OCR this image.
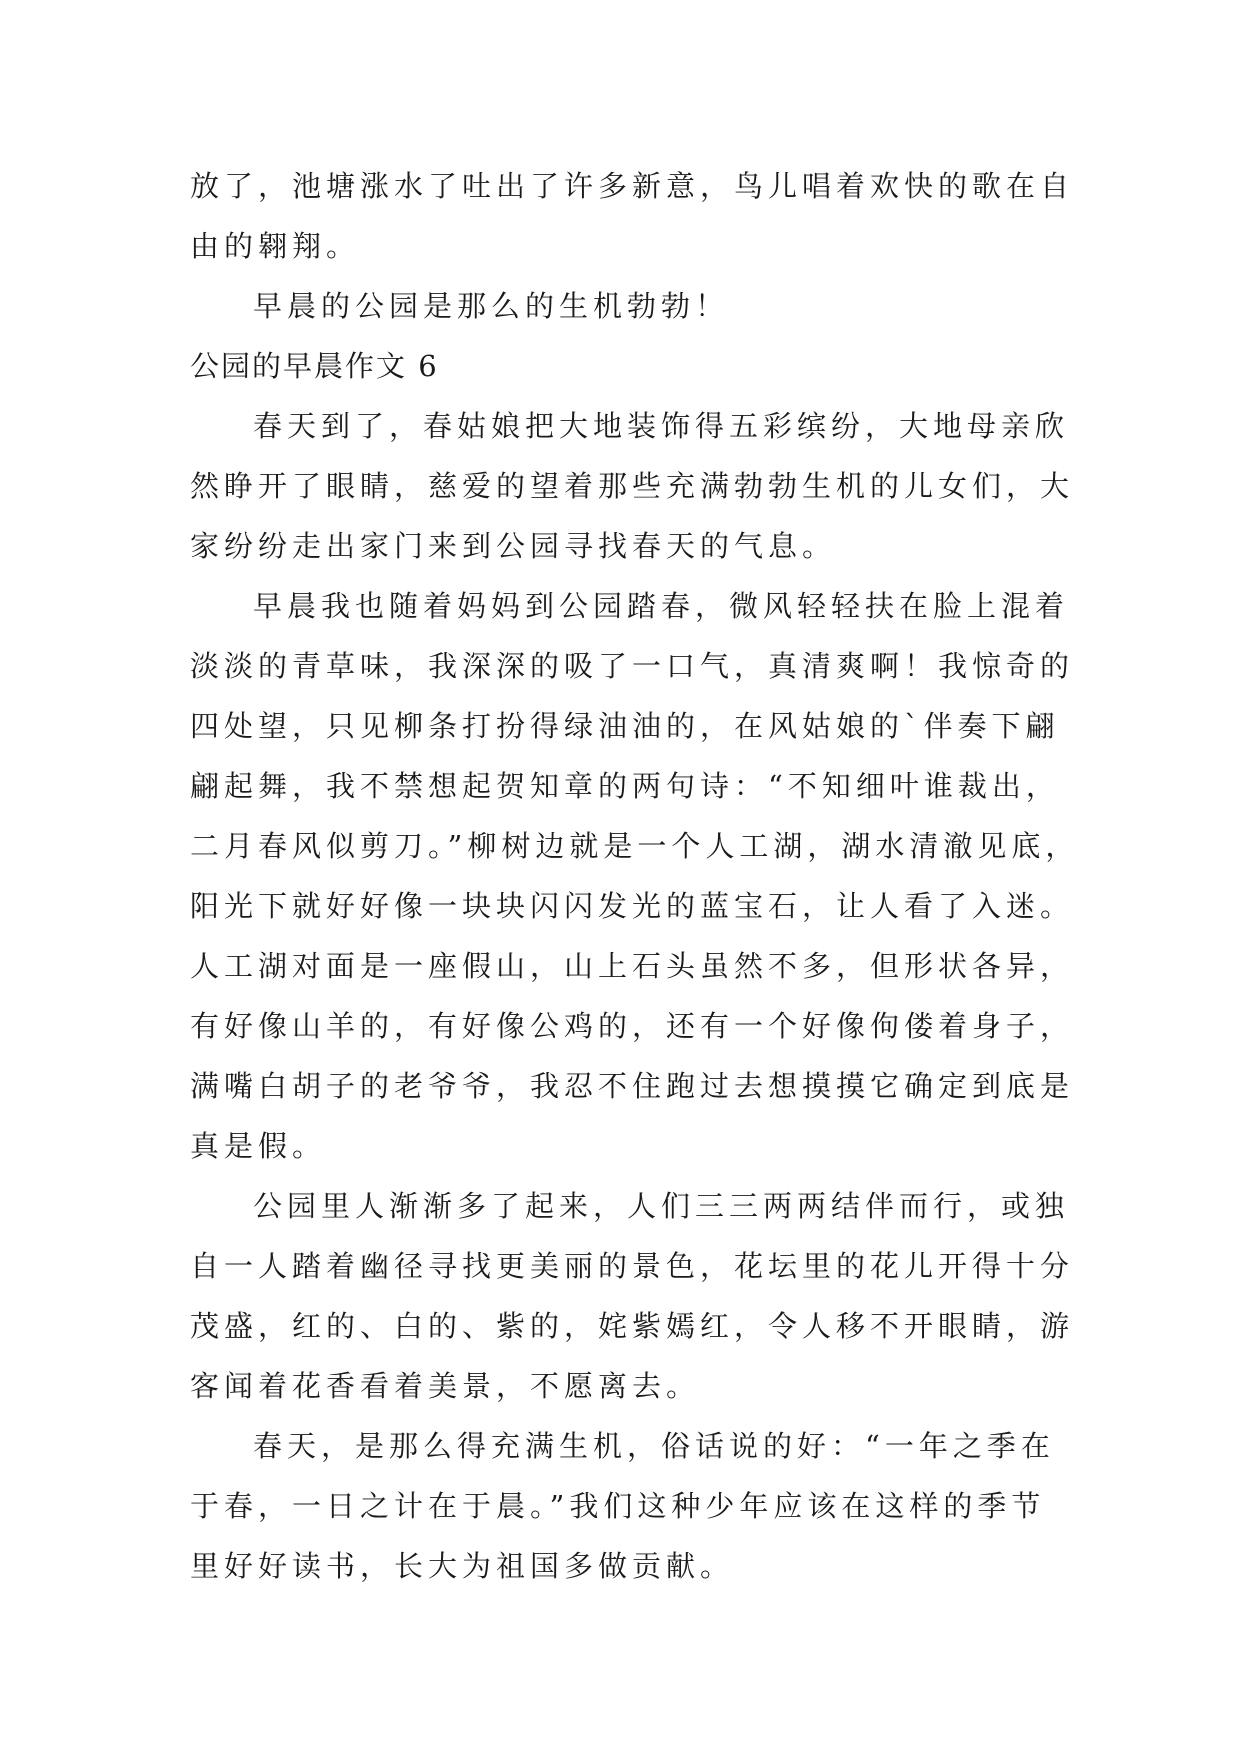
放了，池塘涨水了吐出了许多新意，鸟儿唱着欢快的歌在自
由的翱翔。
早晨的公园是那么的生机勃勃！
公园的早晨作文 6
春天到了，春姑娘把大地装饰得五彩缤纷，大地母亲欣
然睁开了眼睛，慈爱的望着那些充满勃勃生机的儿女们，大
家纷纷走出家门来到公园寻找春天的气息。
早晨我也随着妈妈到公园踏春，微风轻轻扶在脸上混着
淡淡的青草味，我深深的吸了一口气，真清爽啊！我惊奇的
四处望，只见柳条打扮得绿油油的，在风姑娘的`伴奏下翩
翩起舞，我不禁想起贺知章的两句诗：“不知细叶谁裁出，
二月春风似剪刀。”柳树边就是一个人工湖，湖水清澈见底，
阳光下就好好像一块块闪闪发光的蓝宝石，让人看了入迷。
人工湖对面是一座假山，山上石头虽然不多，但形状各异，
有好像山羊的，有好像公鸡的，还有一个好像佝偻着身子，
满嘴白胡子的老爷爷，我忍不住跑过去想摸摸它确定到底是
真是假。
公园里人渐渐多了起来，人们三三两两结伴而行，或独
自一人踏着幽径寻找更美丽的景色，花坛里的花儿开得十分
茂盛，红的、白的、紫的，姹紫嫣红，令人移不开眼睛，游
客闻着花香看着美景，不愿离去。
春天，是那么得充满生机，俗话说的好：“一年之季在
于春，一日之计在于晨。”我们这种少年应该在这样的季节
里好好读书，长大为祖国多做贡献。
